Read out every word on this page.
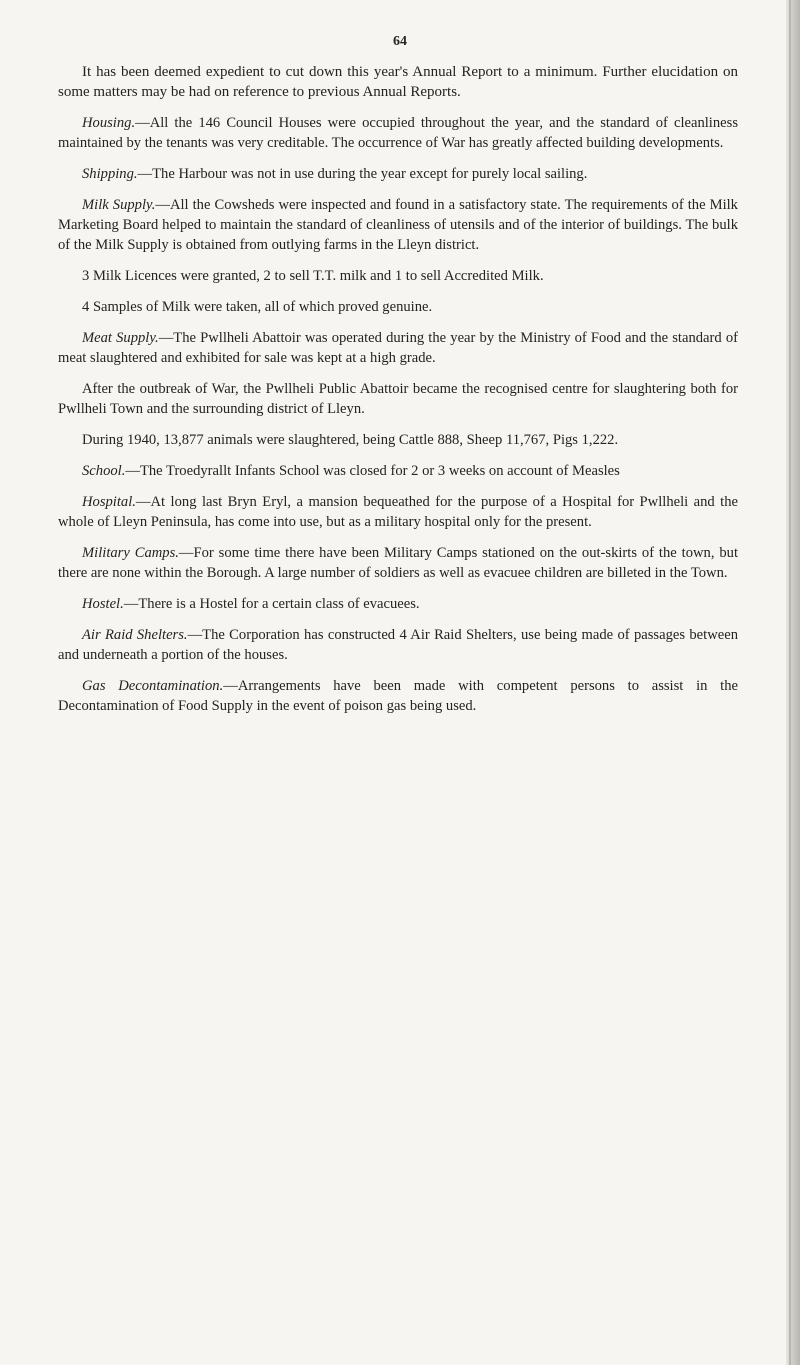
64

It has been deemed expedient to cut down this year's Annual Report to a minimum. Further elucidation on some matters may be had on reference to previous Annual Reports.

Housing.—All the 146 Council Houses were occupied throughout the year, and the standard of cleanliness maintained by the tenants was very creditable. The occurrence of War has greatly affected building developments.

Shipping.—The Harbour was not in use during the year except for purely local sailing.

Milk Supply.—All the Cowsheds were inspected and found in a satisfactory state. The requirements of the Milk Marketing Board helped to maintain the standard of cleanliness of utensils and of the interior of buildings. The bulk of the Milk Supply is obtained from outlying farms in the Lleyn district.

3 Milk Licences were granted, 2 to sell T.T. milk and 1 to sell Accredited Milk.

4 Samples of Milk were taken, all of which proved genuine.

Meat Supply.—The Pwllheli Abattoir was operated during the year by the Ministry of Food and the standard of meat slaughtered and exhibited for sale was kept at a high grade.

After the outbreak of War, the Pwllheli Public Abattoir became the recognised centre for slaughtering both for Pwllheli Town and the surrounding district of Lleyn.

During 1940, 13,877 animals were slaughtered, being Cattle 888, Sheep 11,767, Pigs 1,222.

School.—The Troedyrallt Infants School was closed for 2 or 3 weeks on account of Measles

Hospital.—At long last Bryn Eryl, a mansion bequeathed for the purpose of a Hospital for Pwllheli and the whole of Lleyn Peninsula, has come into use, but as a military hospital only for the present.

Military Camps.—For some time there have been Military Camps stationed on the out-skirts of the town, but there are none within the Borough. A large number of soldiers as well as evacuee children are billeted in the Town.

Hostel.—There is a Hostel for a certain class of evacuees.

Air Raid Shelters.—The Corporation has constructed 4 Air Raid Shelters, use being made of passages between and underneath a portion of the houses.

Gas Decontamination.—Arrangements have been made with competent persons to assist in the Decontamination of Food Supply in the event of poison gas being used.
